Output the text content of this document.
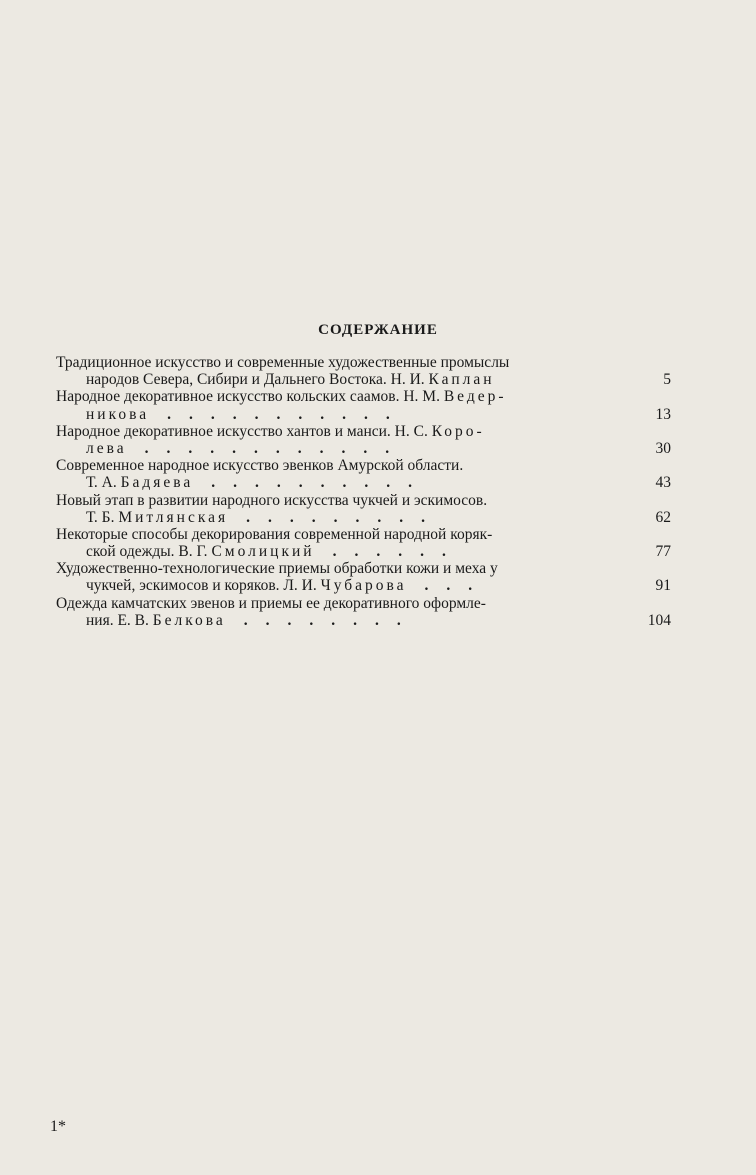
СОДЕРЖАНИЕ
Традиционное искусство и современные художественные промыслы
народов Севера, Сибири и Дальнего Востока. Н. И. Каплан	5
Народное декоративное искусство кольских саамов. Н. М. Ведер-
никова ...........	13
Народное декоративное искусство хантов и манси. Н. С. Коро-
лева ............	30
Современное народное искусство эвенков Амурской области.
Т. А. Бадяева ..........	43
Новый этап в развитии народного искусства чукчей и эскимосов.
Т. Б. Митлянская .........	62
Некоторые способы декорирования современной народной коряк-
ской одежды. В. Г. Смолицкий ......	77
Художественно-технологические приемы обработки кожи и меха у
чукчей, эскимосов и коряков. Л. И. Чубарова ...	91
Одежда камчатских эвенов и приемы ее декоративного оформле-
ния. Е. В. Белкова ........	104
1*
